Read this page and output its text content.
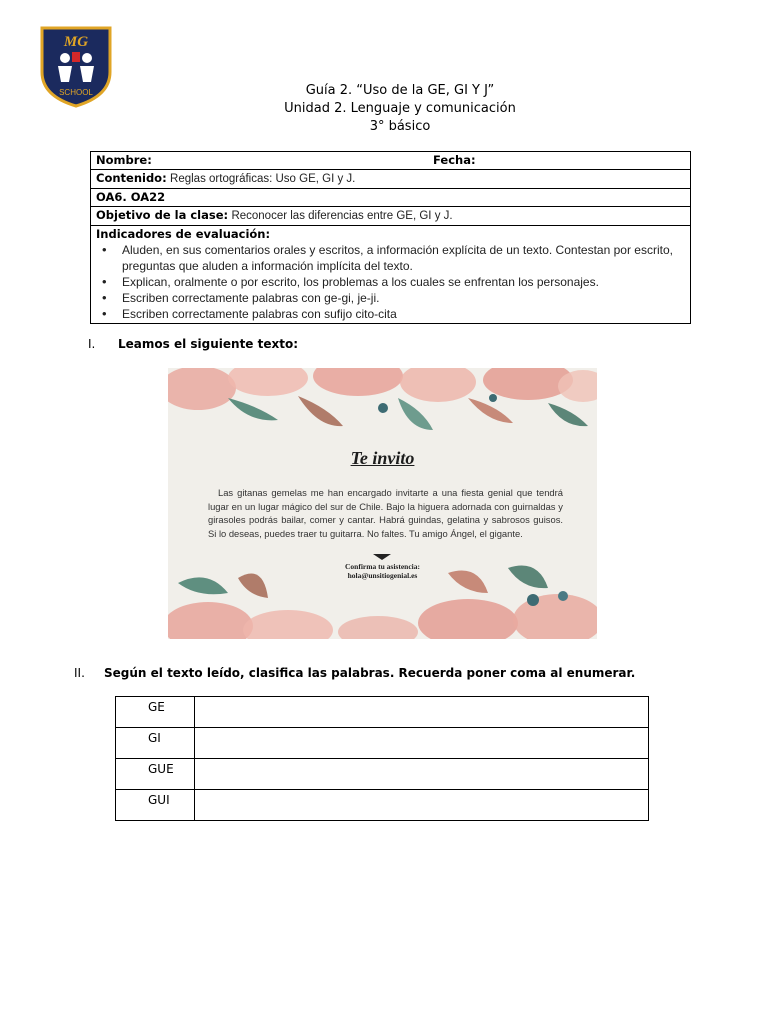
MG
SCHOOL	Guía 2. “Uso de la GE, GI Y J”
Unidad 2. Lenguaje y comunicación
3° básico
Nombre:	Fecha:
Contenido: Reglas ortográficas: Uso GE, GI y J.
OA6. OA22
Objetivo de la clase: Reconocer las diferencias entre GE, GI y J.
Indicadores de evaluación:
• Aluden, en sus comentarios orales y escritos, a información explícita de un texto. Contestan por escrito, preguntas que aluden a información implícita del texto.
• Explican, oralmente o por escrito, los problemas a los cuales se enfrentan los personajes.
• Escriben correctamente palabras con ge-gi, je-ji.
• Escriben correctamente palabras con sufijo cito-cita
I. Leamos el siguiente texto:
Te invito
Las gitanas gemelas me han encargado invitarte a una fiesta genial que tendrá lugar en un lugar mágico del sur de Chile. Bajo la higuera adornada con guirnaldas y girasoles podrás bailar, comer y cantar. Habrá guindas, gelatina y sabrosos guisos. Si lo deseas, puedes traer tu guitarra. No faltes. Tu amigo Ángel, el gigante.
Confirma tu asistencia:
hola@unsitiogenial.es
II. Según el texto leído, clasifica las palabras. Recuerda poner coma al enumerar.
GE	
GI	
GUE	
GUI	
